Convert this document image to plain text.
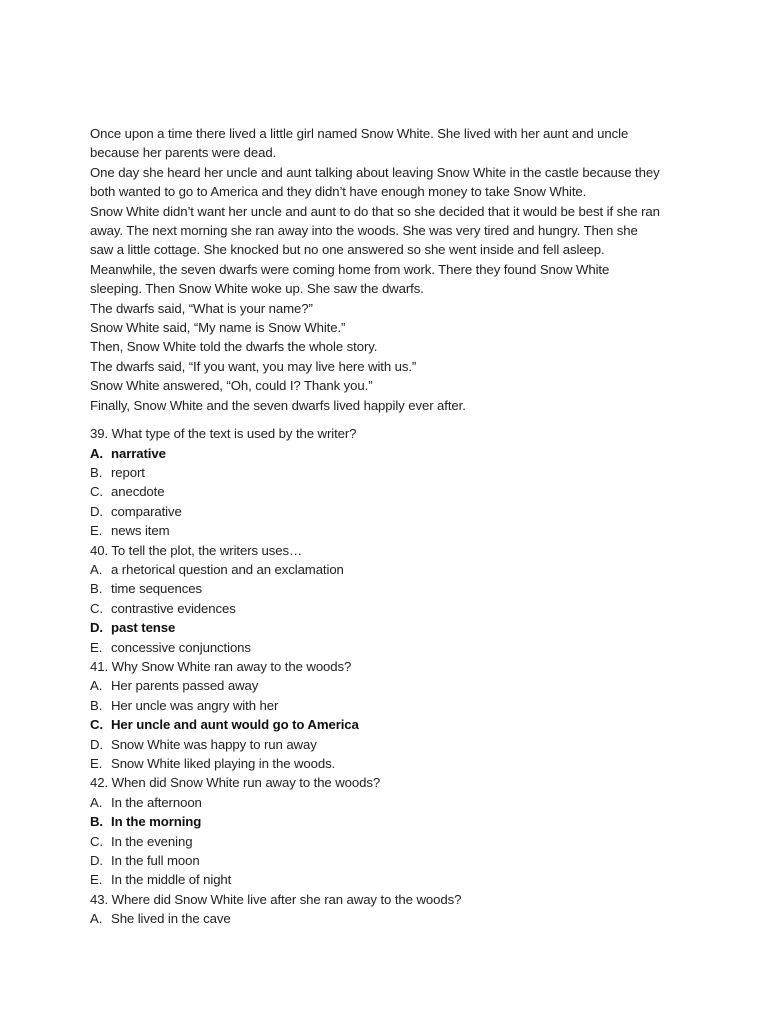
Once upon a time there lived a little girl named Snow White. She lived with her aunt and uncle
because her parents were dead.
One day she heard her uncle and aunt talking about leaving Snow White in the castle because they
both wanted to go to America and they didn’t have enough money to take Snow White.
Snow White didn’t want her uncle and aunt to do that so she decided that it would be best if she ran
away. The next morning she ran away into the woods. She was very tired and hungry. Then she
saw a little cottage. She knocked but no one answered so she went inside and fell asleep.
Meanwhile, the seven dwarfs were coming home from work. There they found Snow White
sleeping. Then Snow White woke up. She saw the dwarfs.
The dwarfs said, “What is your name?”
Snow White said, “My name is Snow White.”
Then, Snow White told the dwarfs the whole story.
The dwarfs said, “If you want, you may live here with us.”
Snow White answered, “Oh, could I? Thank you.”
Finally, Snow White and the seven dwarfs lived happily ever after.
39. What type of the text is used by the writer?
A. narrative
B. report
C. anecdote
D. comparative
E. news item
40. To tell the plot, the writers uses…
A. a rhetorical question and an exclamation
B. time sequences
C. contrastive evidences
D. past tense
E. concessive conjunctions
41. Why Snow White ran away to the woods?
A. Her parents passed away
B. Her uncle was angry with her
C. Her uncle and aunt would go to America
D. Snow White was happy to run away
E. Snow White liked playing in the woods.
42. When did Snow White run away to the woods?
A. In the afternoon
B. In the morning
C. In the evening
D. In the full moon
E. In the middle of night
43. Where did Snow White live after she ran away to the woods?
A. She lived in the cave
